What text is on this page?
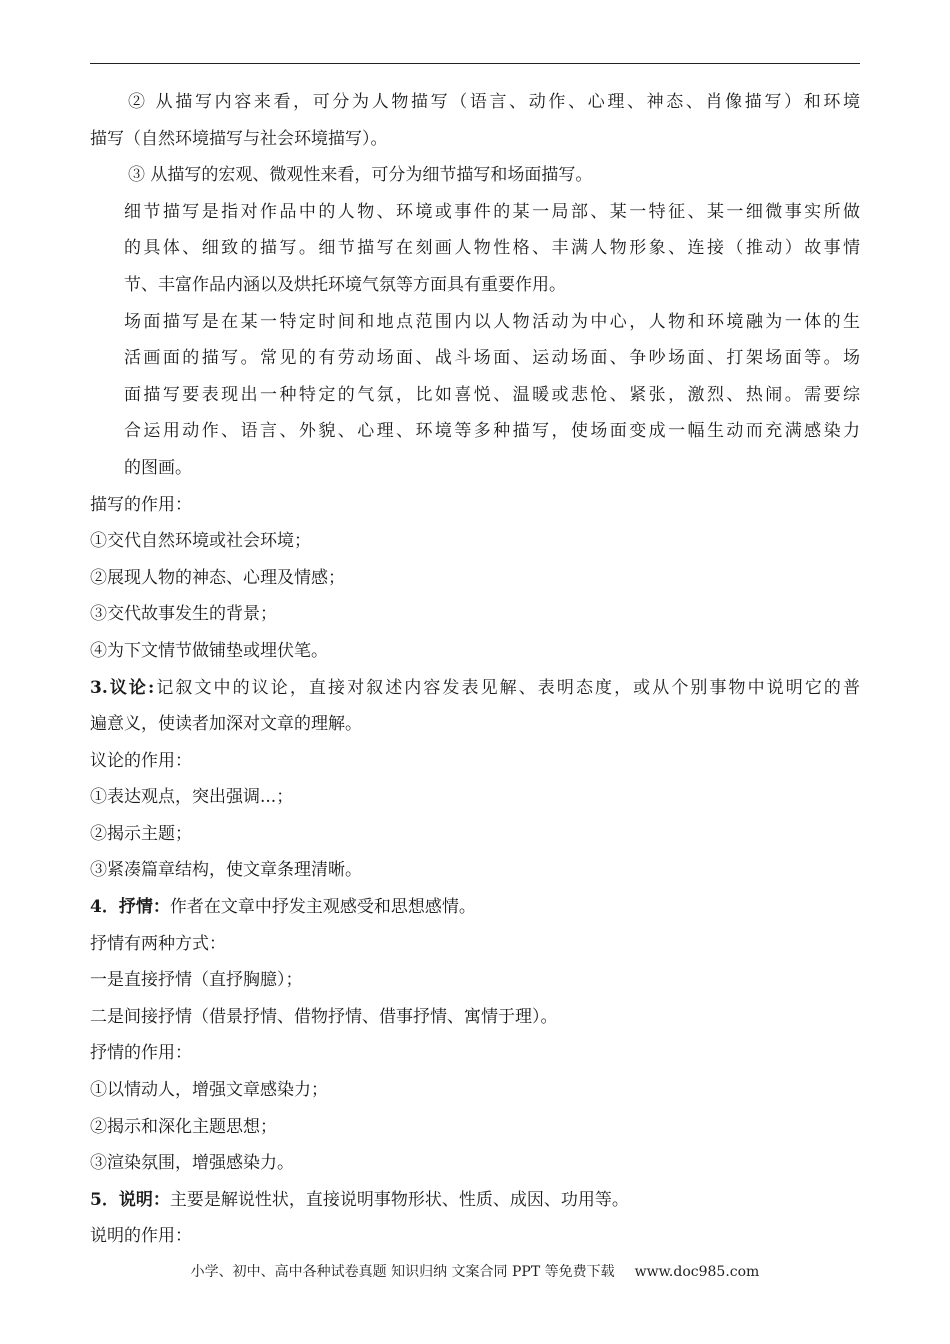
② 从描写内容来看，可分为人物描写（语言、动作、心理、神态、肖像描写）和环境
描写（自然环境描写与社会环境描写）。
③ 从描写的宏观、微观性来看，可分为细节描写和场面描写。
细节描写是指对作品中的人物、环境或事件的某一局部、某一特征、某一细微事实所做
的具体、细致的描写。细节描写在刻画人物性格、丰满人物形象、连接（推动）故事情
节、丰富作品内涵以及烘托环境气氛等方面具有重要作用。
场面描写是在某一特定时间和地点范围内以人物活动为中心，人物和环境融为一体的生
活画面的描写。常见的有劳动场面、战斗场面、运动场面、争吵场面、打架场面等。场
面描写要表现出一种特定的气氛，比如喜悦、温暖或悲怆、紧张，激烈、热闹。需要综
合运用动作、语言、外貌、心理、环境等多种描写，使场面变成一幅生动而充满感染力
的图画。
描写的作用：
①交代自然环境或社会环境；
②展现人物的神态、心理及情感；
③交代故事发生的背景；
④为下文情节做铺垫或埋伏笔。
3.议论:记叙文中的议论，直接对叙述内容发表见解、表明态度，或从个别事物中说明它的普
遍意义，使读者加深对文章的理解。
议论的作用：
①表达观点，突出强调...；
②揭示主题；
③紧凑篇章结构，使文章条理清晰。
4．抒情：作者在文章中抒发主观感受和思想感情。
抒情有两种方式：
一是直接抒情（直抒胸臆）；
二是间接抒情（借景抒情、借物抒情、借事抒情、寓情于理）。
抒情的作用：
①以情动人，增强文章感染力；
②揭示和深化主题思想；
③渲染氛围，增强感染力。
5．说明：主要是解说性状，直接说明事物形状、性质、成因、功用等。
说明的作用：
小学、初中、高中各种试卷真题 知识归纳 文案合同 PPT 等免费下载 www.doc985.com
